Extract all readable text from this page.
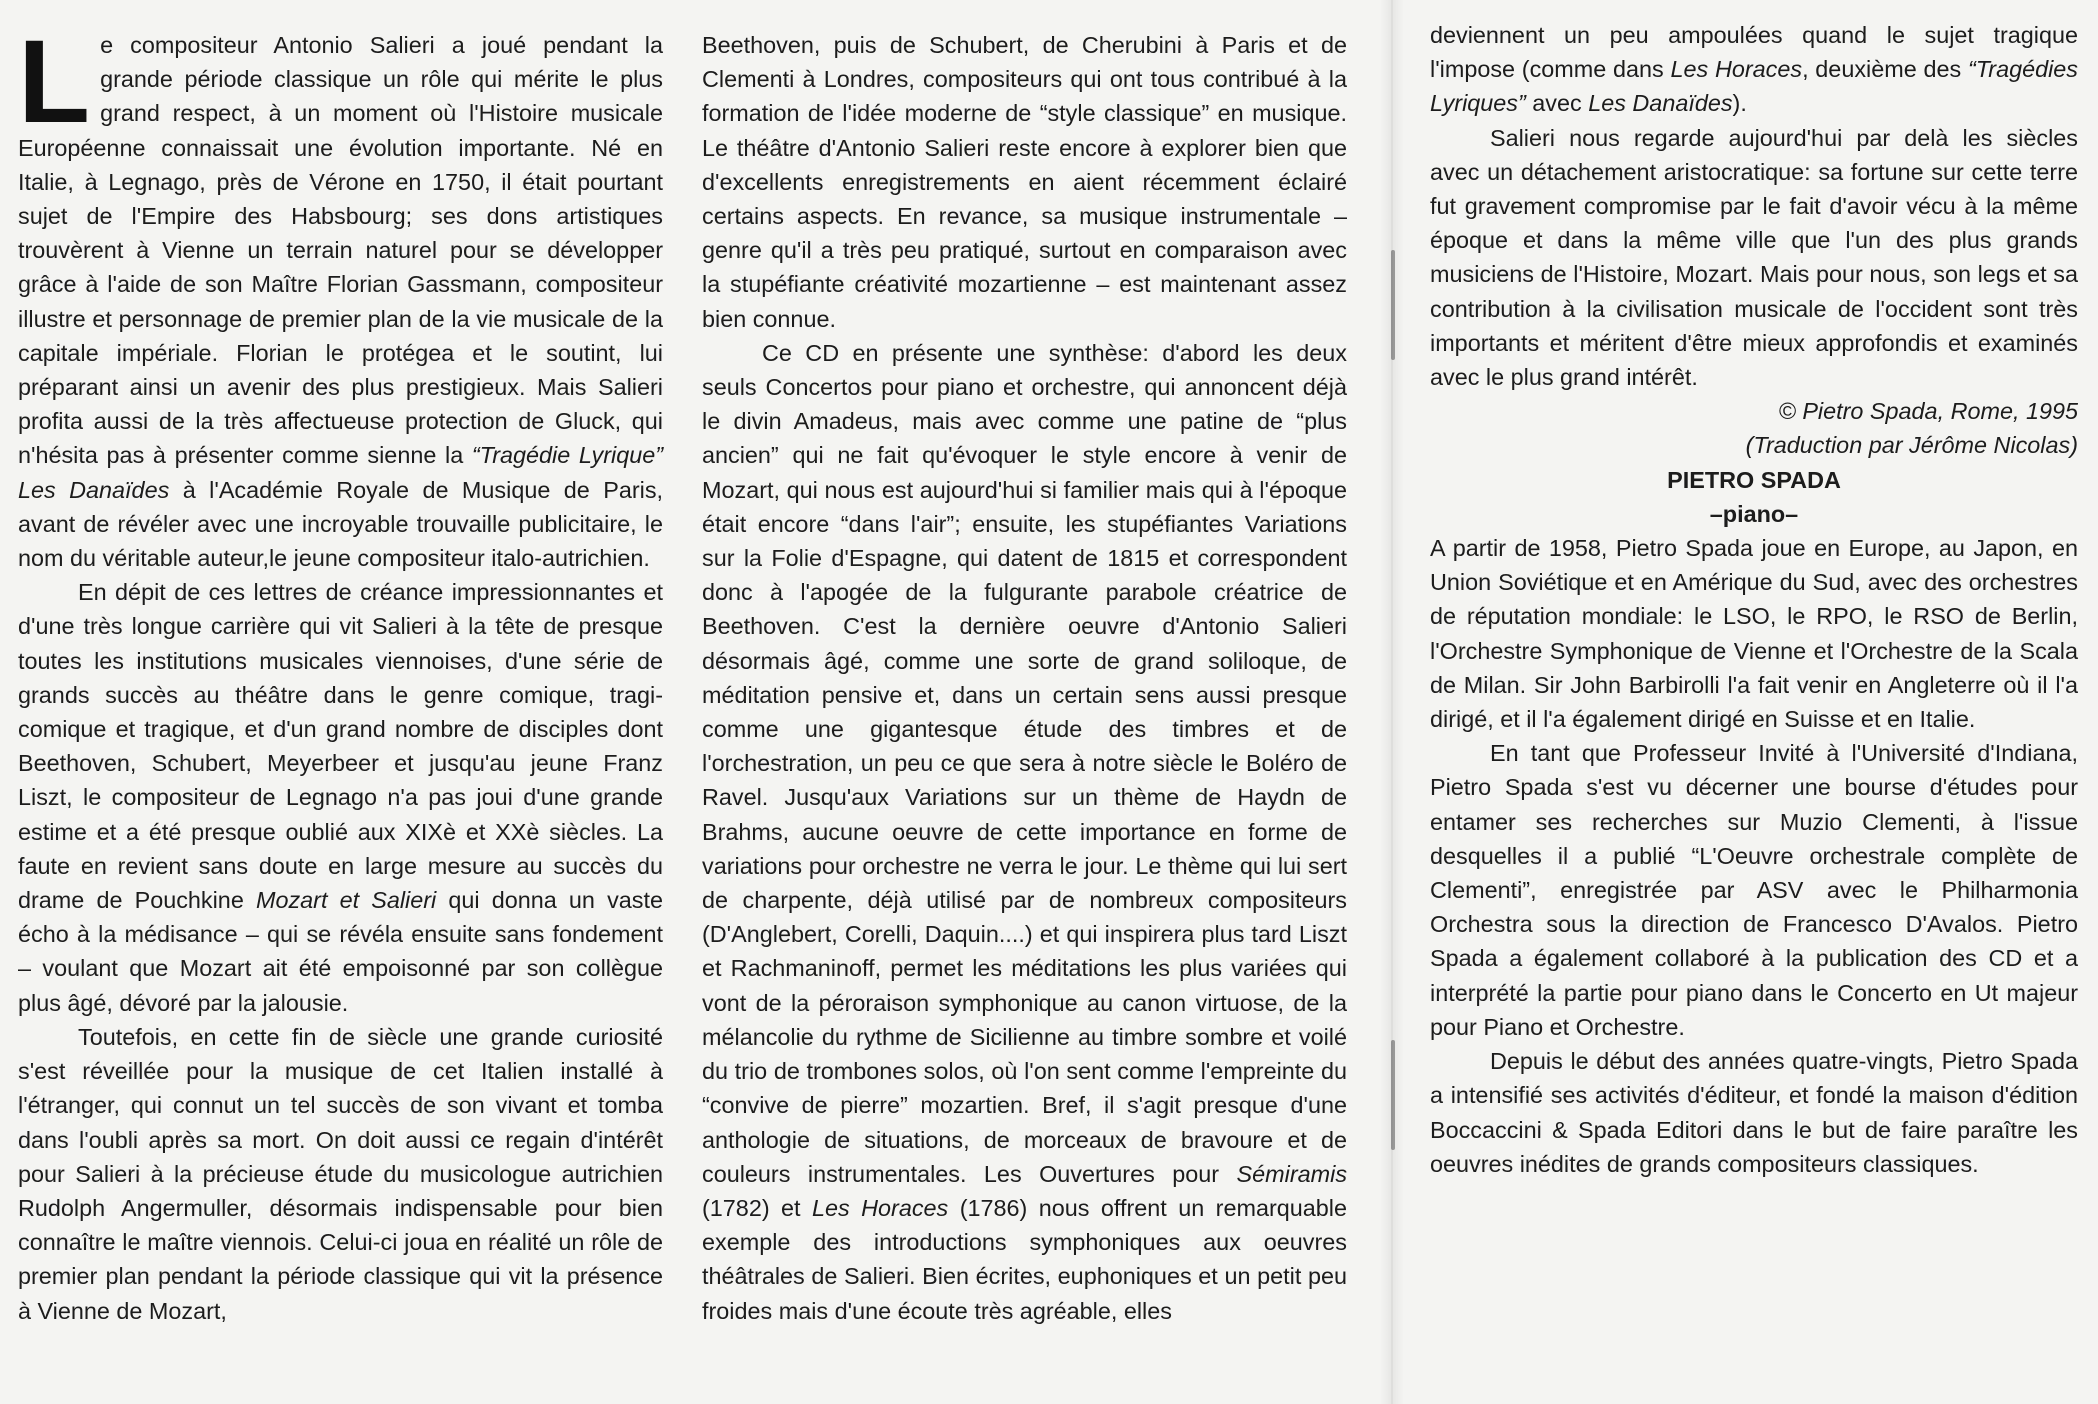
Le compositeur Antonio Salieri a joué pendant la grande période classique un rôle qui mérite le plus grand respect, à un moment où l'Histoire musicale Européenne connaissait une évolution importante. Né en Italie, à Legnago, près de Vérone en 1750, il était pourtant sujet de l'Empire des Habsbourg; ses dons artistiques trouvèrent à Vienne un terrain naturel pour se développer grâce à l'aide de son Maître Florian Gassmann, compositeur illustre et personnage de premier plan de la vie musicale de la capitale impériale. Florian le protégea et le soutint, lui préparant ainsi un avenir des plus prestigieux. Mais Salieri profita aussi de la très affectueuse protection de Gluck, qui n'hésita pas à présenter comme sienne la “Tragédie Lyrique” Les Danaïdes à l'Académie Royale de Musique de Paris, avant de révéler avec une incroyable trouvaille publicitaire, le nom du véritable auteur,le jeune compositeur italo-autrichien.

En dépit de ces lettres de créance impressionnantes et d'une très longue carrière qui vit Salieri à la tête de presque toutes les institutions musicales viennoises, d'une série de grands succès au théâtre dans le genre comique, tragi-comique et tragique, et d'un grand nombre de disciples dont Beethoven, Schubert, Meyerbeer et jusqu'au jeune Franz Liszt, le compositeur de Legnago n'a pas joui d'une grande estime et a été presque oublié aux XIXè et XXè siècles. La faute en revient sans doute en large mesure au succès du drame de Pouchkine Mozart et Salieri qui donna un vaste écho à la médisance – qui se révéla ensuite sans fondement – voulant que Mozart ait été empoisonné par son collègue plus âgé, dévoré par la jalousie.

Toutefois, en cette fin de siècle une grande curiosité s'est réveillée pour la musique de cet Italien installé à l'étranger, qui connut un tel succès de son vivant et tomba dans l'oubli après sa mort. On doit aussi ce regain d'intérêt pour Salieri à la précieuse étude du musicologue autrichien Rudolph Angermuller, désormais indispensable pour bien connaître le maître viennois. Celui-ci joua en réalité un rôle de premier plan pendant la période classique qui vit la présence à Vienne de Mozart,

Beethoven, puis de Schubert, de Cherubini à Paris et de Clementi à Londres, compositeurs qui ont tous contribué à la formation de l'idée moderne de “style classique” en musique. Le théâtre d'Antonio Salieri reste encore à explorer bien que d'excellents enregistrements en aient récemment éclairé certains aspects. En revance, sa musique instrumentale – genre qu'il a très peu pratiqué, surtout en comparaison avec la stupéfiante créativité mozartienne – est maintenant assez bien connue.

Ce CD en présente une synthèse: d'abord les deux seuls Concertos pour piano et orchestre, qui annoncent déjà le divin Amadeus, mais avec comme une patine de “plus ancien” qui ne fait qu'évoquer le style encore à venir de Mozart, qui nous est aujourd'hui si familier mais qui à l'époque était encore “dans l'air”; ensuite, les stupéfiantes Variations sur la Folie d'Espagne, qui datent de 1815 et correspondent donc à l'apogée de la fulgurante parabole créatrice de Beethoven. C'est la dernière oeuvre d'Antonio Salieri désormais âgé, comme une sorte de grand soliloque, de méditation pensive et, dans un certain sens aussi presque comme une gigantesque étude des timbres et de l'orchestration, un peu ce que sera à notre siècle le Boléro de Ravel. Jusqu'aux Variations sur un thème de Haydn de Brahms, aucune oeuvre de cette importance en forme de variations pour orchestre ne verra le jour. Le thème qui lui sert de charpente, déjà utilisé par de nombreux compositeurs (D'Anglebert, Corelli, Daquin....) et qui inspirera plus tard Liszt et Rachmaninoff, permet les méditations les plus variées qui vont de la péroraison symphonique au canon virtuose, de la mélancolie du rythme de Sicilienne au timbre sombre et voilé du trio de trombones solos, où l'on sent comme l'empreinte du “convive de pierre” mozartien. Bref, il s'agit presque d'une anthologie de situations, de morceaux de bravoure et de couleurs instrumentales. Les Ouvertures pour Sémiramis (1782) et Les Horaces (1786) nous offrent un remarquable exemple des introductions symphoniques aux oeuvres théâtrales de Salieri. Bien écrites, euphoniques et un petit peu froides mais d'une écoute très agréable, elles

deviennent un peu ampoulées quand le sujet tragique l'impose (comme dans Les Horaces, deuxième des “Tragédies Lyriques” avec Les Danaïdes).

Salieri nous regarde aujourd'hui par delà les siècles avec un détachement aristocratique: sa fortune sur cette terre fut gravement compromise par le fait d'avoir vécu à la même époque et dans la même ville que l'un des plus grands musiciens de l'Histoire, Mozart. Mais pour nous, son legs et sa contribution à la civilisation musicale de l'occident sont très importants et méritent d'être mieux approfondis et examinés avec le plus grand intérêt.

© Pietro Spada, Rome, 1995

(Traduction par Jérôme Nicolas)

PIETRO SPADA

–piano–

A partir de 1958, Pietro Spada joue en Europe, au Japon, en Union Soviétique et en Amérique du Sud, avec des orchestres de réputation mondiale: le LSO, le RPO, le RSO de Berlin, l'Orchestre Symphonique de Vienne et l'Orchestre de la Scala de Milan. Sir John Barbirolli l'a fait venir en Angleterre où il l'a dirigé, et il l'a également dirigé en Suisse et en Italie.

En tant que Professeur Invité à l'Université d'Indiana, Pietro Spada s'est vu décerner une bourse d'études pour entamer ses recherches sur Muzio Clementi, à l'issue desquelles il a publié “L'Oeuvre orchestrale complète de Clementi”, enregistrée par ASV avec le Philharmonia Orchestra sous la direction de Francesco D'Avalos. Pietro Spada a également collaboré à la publication des CD et a interprété la partie pour piano dans le Concerto en Ut majeur pour Piano et Orchestre.

Depuis le début des années quatre-vingts, Pietro Spada a intensifié ses activités d'éditeur, et fondé la maison d'édition Boccaccini & Spada Editori dans le but de faire paraître les oeuvres inédites de grands compositeurs classiques.
